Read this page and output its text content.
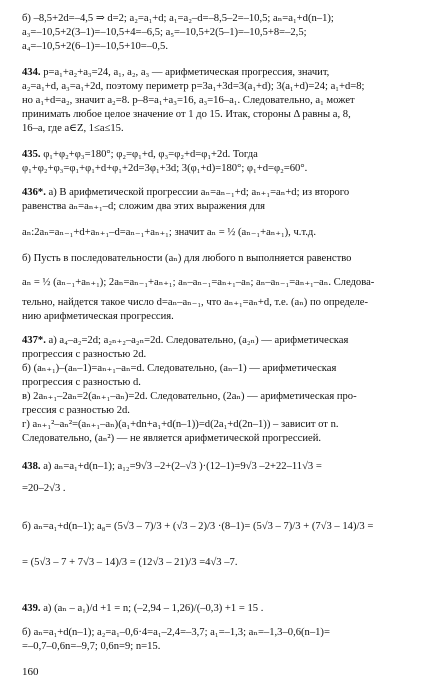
б) –8,5+2d=–4,5 ⇒ d=2; a₂=a₁+d; a₁=a₂–d=–8,5–2=–10,5; aₙ=a₁+d(n–1);
a₃=–10,5+2(3–1)=–10,5+4=–6,5; a₅=–10,5+2(5–1)=–10,5+8=–2,5;
a₄=–10,5+2(6–1)=–10,5+10=–0,5.
434. p=a₁+a₂+a₃=24, a₁, a₂, a₃ — арифметическая прогрессия, значит,
a₂=a₁+d, a₃=a₁+2d, поэтому периметр p=3a₁+3d=3(a₁+d); 3(a₁+d)=24; a₁+d=8;
но a₁+d=a₂, значит a₂=8. p–8=a₁+a₃=16, a₃=16–a₁. Следовательно, a₁ может
принимать любое целое значение от 1 до 15. Итак, стороны Δ равны a, 8,
16–a, где a∈Z, 1≤a≤15.
435. φ₁+φ₂+φ₃=180°; φ₂=φ₁+d, φ₃=φ₂+d=φ₁+2d. Тогда
φ₁+φ₂+φ₃=φ₁+φ₁+d+φ₁+2d=3φ₁+3d; 3(φ₁+d)=180°; φ₁+d=φ₂=60°.
436*. а) В арифметической прогрессии aₙ=aₙ₋₁+d; aₙ₊₁=aₙ+d; из второго
равенства aₙ=aₙ₊₁–d; сложим два этих выражения для
aₙ:2aₙ=aₙ₋₁+d+aₙ₊₁–d=aₙ₋₁+aₙ₊₁; значит aₙ = ½ (aₙ₋₁+aₙ₊₁), ч.т.д.
б) Пусть в последовательности (aₙ) для любого n выполняется равенство
aₙ = ½ (aₙ₋₁+aₙ₊₁); 2aₙ=aₙ₋₁+aₙ₊₁; aₙ–aₙ₋₁=aₙ₊₁–aₙ; aₙ–aₙ₋₁=aₙ₊₁–aₙ. Следова-
тельно, найдется такое число d=aₙ–aₙ₋₁, что aₙ₊₁=aₙ+d, т.е. (aₙ) по определе-
нию арифметическая прогрессия.
437*. а) a₄–a₂=2d; a₂ₙ₊₂–a₂ₙ=2d. Следовательно, (a₂ₙ) — арифметическая
прогрессия с разностью 2d.
б) (aₙ₊₁)–(aₙ–1)=aₙ₊₁–aₙ=d. Следовательно, (aₙ–1) — арифметическая
прогрессия с разностью d.
в) 2aₙ₊₁–2aₙ=2(aₙ₊₁–aₙ)=2d. Следовательно, (2aₙ) — арифметическая про-
грессия с разностью 2d.
г) aₙ₊₁²–aₙ²=(aₙ₊₁–aₙ)(a₁+dn+a₁+d(n–1))=d(2a₁+d(2n–1)) – зависит от n.
Следовательно, (aₙ²) — не является арифметической прогрессией.
438. а) aₙ=a₁+d(n–1); a₁₂=9√3 –2+(2–√3 )·(12–1)=9√3 –2+22–11√3 =
=20–2√3 .
б) aₙ=a₁+d(n–1); a₈= (5√3 – 7)/3 + (√3 – 2)/3 ·(8–1)= (5√3 – 7)/3 + (7√3 – 14)/3 =
= (5√3 – 7 + 7√3 – 14)/3 = (12√3 – 21)/3 =4√3 –7.
439. а) (aₙ – a₁)/d +1 = n; (–2,94 – 1,26)/(–0,3) +1 = 15 .
б) aₙ=a₁+d(n–1); a₂=a₁–0,6·4=a₁–2,4=–3,7; a₁=–1,3; aₙ=–1,3–0,6(n–1)=
=–0,7–0,6n=–9,7; 0,6n=9; n=15.
160
